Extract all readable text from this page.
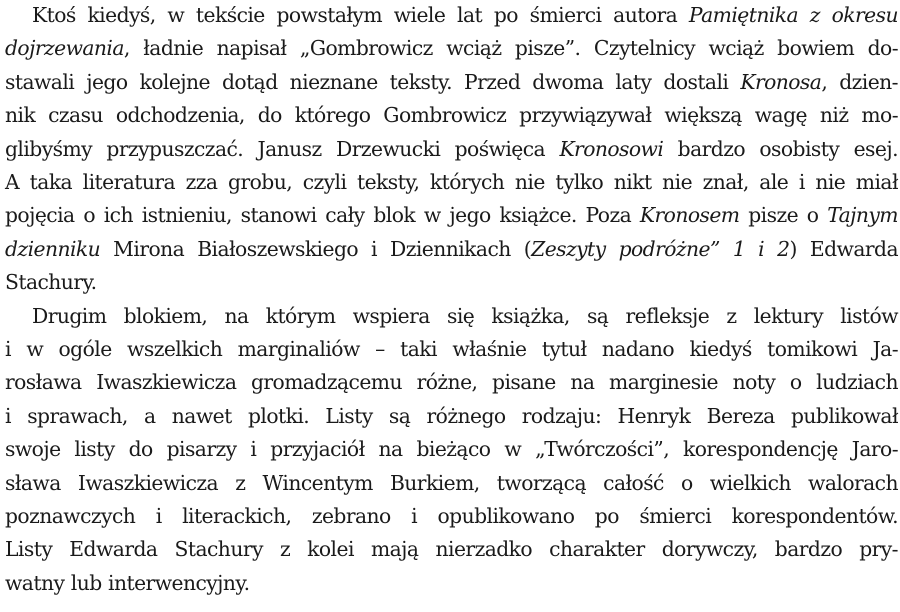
Ktoś kiedyś, w tekście powstałym wiele lat po śmierci autora Pamiętnika z okresu
dojrzewania, ładnie napisał „Gombrowicz wciąż pisze”. Czytelnicy wciąż bowiem do-
stawali jego kolejne dotąd nieznane teksty. Przed dwoma laty dostali Kronosa, dzien-
nik czasu odchodzenia, do którego Gombrowicz przywiązywał większą wagę niż mo-
glibyśmy przypuszczać. Janusz Drzewucki poświęca Kronosowi bardzo osobisty esej.
A taka literatura zza grobu, czyli teksty, których nie tylko nikt nie znał, ale i nie miał
pojęcia o ich istnieniu, stanowi cały blok w jego książce. Poza Kronosem pisze o Tajnym
dzienniku Mirona Białoszewskiego i Dziennikach (Zeszyty podróżne” 1 i 2) Edwarda
Stachury.
Drugim blokiem, na którym wspiera się książka, są refleksje z lektury listów
i w ogóle wszelkich marginaliów – taki właśnie tytuł nadano kiedyś tomikowi Ja-
rosława Iwaszkiewicza gromadzącemu różne, pisane na marginesie noty o ludziach
i sprawach, a nawet plotki. Listy są różnego rodzaju: Henryk Bereza publikował
swoje listy do pisarzy i przyjaciół na bieżąco w „Twórczości”, korespondencję Jaro-
sława Iwaszkiewicza z Wincentym Burkiem, tworzącą całość o wielkich walorach
poznawczych i literackich, zebrano i opublikowano po śmierci korespondentów.
Listy Edwarda Stachury z kolei mają nierzadko charakter dorywczy, bardzo pry-
watny lub interwencyjny.
